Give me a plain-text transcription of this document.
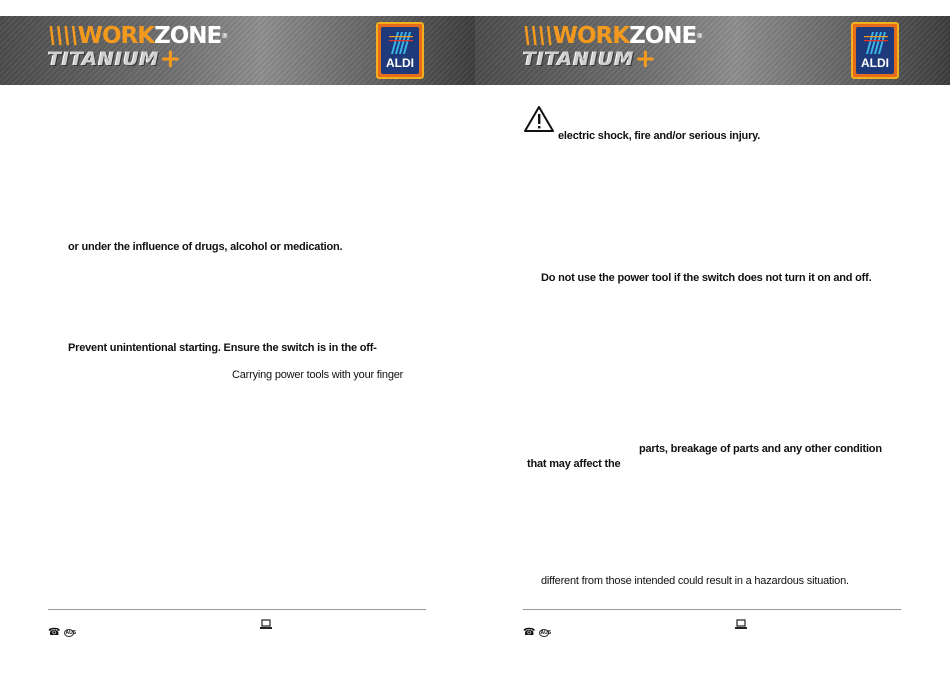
\\\\WORKZONE®
TITANIUM+	ALDI
or under the influence of drugs, alcohol or medication.
Prevent unintentional starting. Ensure the switch is in the off-
Carrying power tools with your finger
☎ AUS
\\\\WORKZONE®
TITANIUM+	ALDI
electric shock, fire and/or serious injury.
Do not use the power tool if the switch does not turn it on and off.
parts, breakage of parts and any other condition
that may affect the
different from those intended could result in a hazardous situation.
☎ AUS
